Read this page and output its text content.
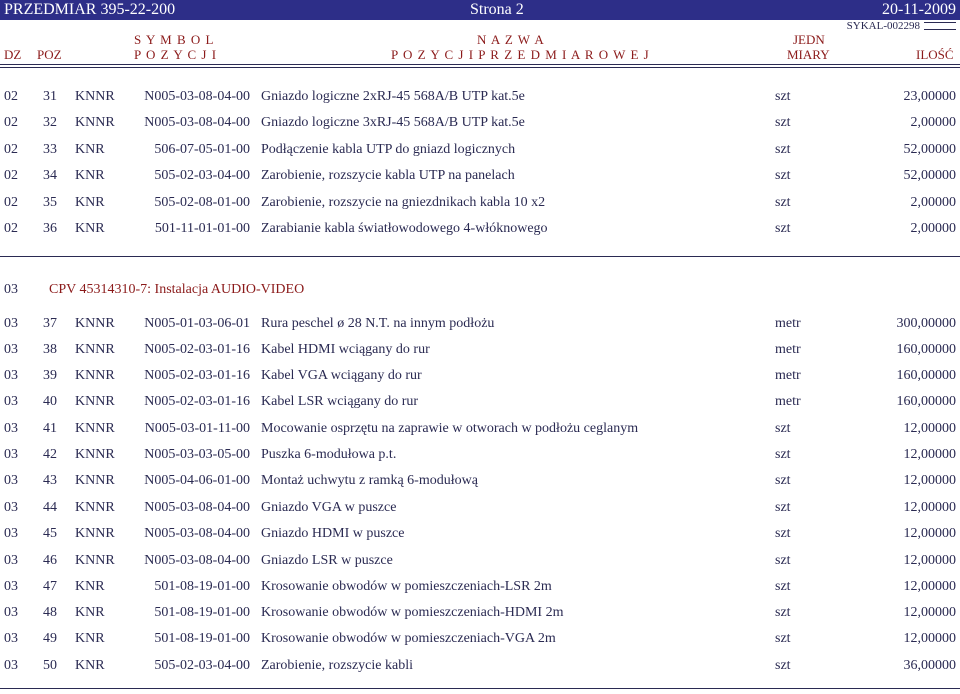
PRZEDMIAR 395-22-200	Strona 2	20-11-2009
SYKAL-002298
S Y M B O L	N A Z W A	JEDN
DZ POZ	P O Z Y C J I	P O Z Y C J I P R Z E D M I A R O W E J	MIARY	ILOŚĆ
02 31 KNNR	N005-03-08-04-00 Gniazdo logiczne 2xRJ-45 568A/B UTP kat.5e	szt	23,00000
02 32 KNNR	N005-03-08-04-00 Gniazdo logiczne 3xRJ-45 568A/B UTP kat.5e	szt	2,00000
02 33 KNR	506-07-05-01-00 Podłączenie kabla UTP do gniazd logicznych	szt	52,00000
02 34 KNR	505-02-03-04-00 Zarobienie, rozszycie kabla UTP na panelach	szt	52,00000
02 35 KNR	505-02-08-01-00 Zarobienie, rozszycie na gniezdnikach kabla 10 x2	szt	2,00000
02 36 KNR	501-11-01-01-00 Zarabianie kabla światłowodowego 4-włóknowego	szt	2,00000
03 CPV 45314310-7: Instalacja AUDIO-VIDEO
03 37 KNNR	N005-01-03-06-01 Rura peschel ø 28 N.T. na innym podłożu	metr	300,00000
03 38 KNNR	N005-02-03-01-16 Kabel HDMI wciągany do rur	metr	160,00000
03 39 KNNR	N005-02-03-01-16 Kabel VGA wciągany do rur	metr	160,00000
03 40 KNNR	N005-02-03-01-16 Kabel LSR wciągany do rur	metr	160,00000
03 41 KNNR	N005-03-01-11-00 Mocowanie osprzętu na zaprawie w otworach w podłożu ceglanym	szt	12,00000
03 42 KNNR	N005-03-03-05-00 Puszka 6-modułowa p.t.	szt	12,00000
03 43 KNNR	N005-04-06-01-00 Montaż uchwytu z ramką 6-modułową	szt	12,00000
03 44 KNNR	N005-03-08-04-00 Gniazdo VGA w puszce	szt	12,00000
03 45 KNNR	N005-03-08-04-00 Gniazdo HDMI w puszce	szt	12,00000
03 46 KNNR	N005-03-08-04-00 Gniazdo LSR w puszce	szt	12,00000
03 47 KNR	501-08-19-01-00 Krosowanie obwodów w pomieszczeniach-LSR 2m	szt	12,00000
03 48 KNR	501-08-19-01-00 Krosowanie obwodów w pomieszczeniach-HDMI 2m	szt	12,00000
03 49 KNR	501-08-19-01-00 Krosowanie obwodów w pomieszczeniach-VGA 2m	szt	12,00000
03 50 KNR	505-02-03-04-00 Zarobienie, rozszycie kabli	szt	36,00000
